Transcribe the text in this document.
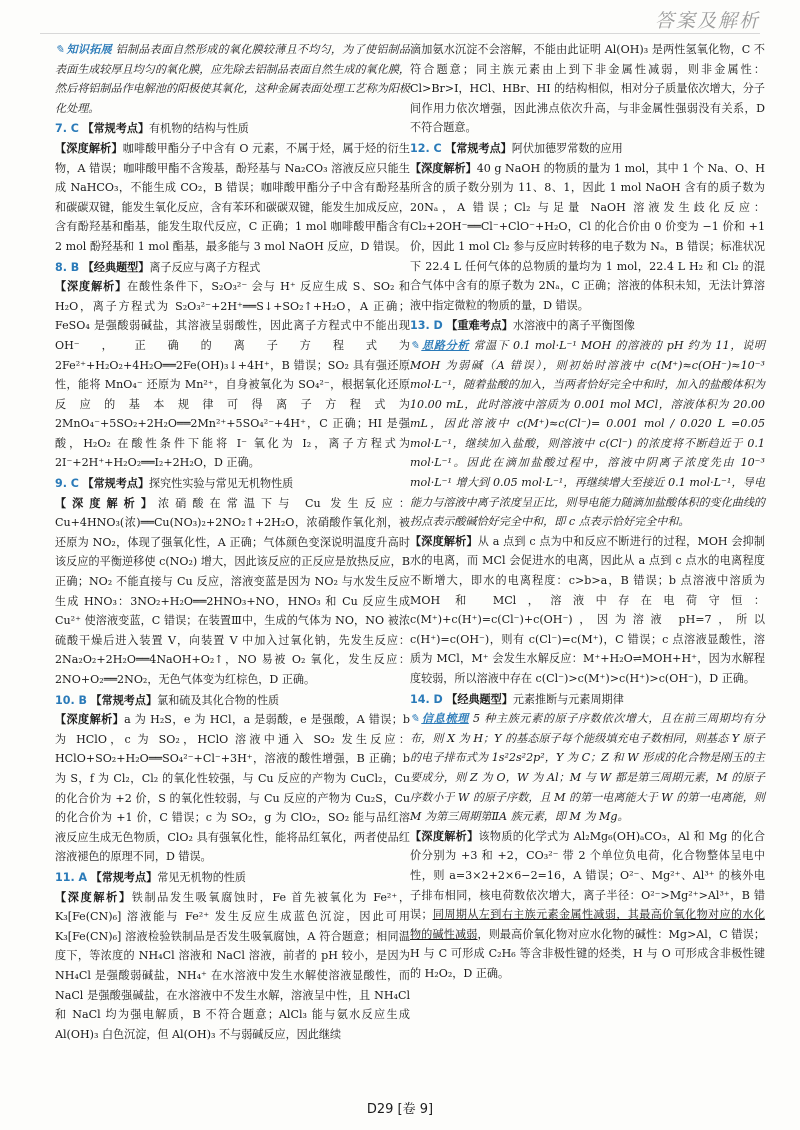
答案及解析
✎ 知识拓展 铝制品表面自然形成的氧化膜较薄且不均匀，为了使铝制品表面生成较厚且均匀的氧化膜，应先除去铝制品表面自然生成的氧化膜，然后将铝制品作电解池的阳极使其氧化，这种金属表面处理工艺称为阳极化处理。
7. C 【常规考点】有机物的结构与性质
【深度解析】咖啡酸甲酯分子中含有 O 元素，不属于烃，属于烃的衍生物，A 错误；咖啡酸甲酯不含羧基，酚羟基与 Na₂CO₃ 溶液反应只能生成 NaHCO₃，不能生成 CO₂，B 错误；咖啡酸甲酯分子中含有酚羟基和碳碳双键，能发生氧化反应，含有苯环和碳碳双键，能发生加成反应，含有酚羟基和酯基，能发生取代反应，C 正确；1 mol 咖啡酸甲酯含有 2 mol 酚羟基和 1 mol 酯基，最多能与 3 mol NaOH 反应，D 错误。
8. B 【经典题型】离子反应与离子方程式
【深度解析】在酸性条件下，S₂O₃²⁻ 会与 H⁺ 反应生成 S、SO₂ 和 H₂O，离子方程式为 S₂O₃²⁻+2H⁺══S↓+SO₂↑+H₂O，A 正确；FeSO₄ 是强酸弱碱盐，其溶液呈弱酸性，因此离子方程式中不能出现 OH⁻，正确的离子方程式为 2Fe²⁺+H₂O₂+4H₂O══2Fe(OH)₃↓+4H⁺，B 错误；SO₂ 具有强还原性，能将 MnO₄⁻ 还原为 Mn²⁺，自身被氧化为 SO₄²⁻，根据氧化还原反应的基本规律可得离子方程式为 2MnO₄⁻+5SO₂+2H₂O══2Mn²⁺+5SO₄²⁻+4H⁺，C 正确；HI 是强酸，H₂O₂ 在酸性条件下能将 I⁻ 氧化为 I₂，离子方程式为 2I⁻+2H⁺+H₂O₂══I₂+2H₂O，D 正确。
9. C 【常规考点】探究性实验与常见无机物性质
【深度解析】浓硝酸在常温下与 Cu 发生反应：Cu+4HNO₃(浓)══Cu(NO₃)₂+2NO₂↑+2H₂O，浓硝酸作氧化剂，被还原为 NO₂，体现了强氧化性，A 正确；气体颜色变深说明温度升高时该反应的平衡逆移使 c(NO₂) 增大，因此该反应的正反应是放热反应，B 正确；NO₂ 不能直接与 Cu 反应，溶液变蓝是因为 NO₂ 与水发生反应生成 HNO₃：3NO₂+H₂O══2HNO₃+NO，HNO₃ 和 Cu 反应生成 Cu²⁺ 使溶液变蓝，C 错误；在装置Ⅲ中，生成的气体为 NO，NO 被浓硫酸干燥后进入装置 V，向装置 V 中加入过氧化钠，先发生反应：2Na₂O₂+2H₂O══4NaOH+O₂↑，NO 易被 O₂ 氧化，发生反应：2NO+O₂══2NO₂，无色气体变为红棕色，D 正确。
10. B 【常规考点】氯和硫及其化合物的性质
【深度解析】a 为 H₂S，e 为 HCl，a 是弱酸，e 是强酸，A 错误；b 为 HClO，c 为 SO₂，HClO 溶液中通入 SO₂ 发生反应：HClO+SO₂+H₂O══SO₄²⁻+Cl⁻+3H⁺，溶液的酸性增强，B 正确；b 为 S，f 为 Cl₂，Cl₂ 的氧化性较强，与 Cu 反应的产物为 CuCl₂，Cu 的化合价为 +2 价，S 的氧化性较弱，与 Cu 反应的产物为 Cu₂S，Cu 的化合价为 +1 价，C 错误；c 为 SO₂，g 为 ClO₂，SO₂ 能与品红溶液反应生成无色物质，ClO₂ 具有强氧化性，能将品红氧化，两者使品红溶液褪色的原理不同，D 错误。
11. A 【常规考点】常见无机物的性质
【深度解析】铁制品发生吸氧腐蚀时，Fe 首先被氧化为 Fe²⁺，K₃[Fe(CN)₆] 溶液能与 Fe²⁺ 发生反应生成蓝色沉淀，因此可用 K₃[Fe(CN)₆] 溶液检验铁制品是否发生吸氧腐蚀，A 符合题意；相同温度下，等浓度的 NH₄Cl 溶液和 NaCl 溶液，前者的 pH 较小，是因为 NH₄Cl 是强酸弱碱盐，NH₄⁺ 在水溶液中发生水解使溶液显酸性，而 NaCl 是强酸强碱盐，在水溶液中不发生水解，溶液呈中性，且 NH₄Cl 和 NaCl 均为强电解质，B 不符合题意；AlCl₃ 能与氨水反应生成 Al(OH)₃ 白色沉淀，但 Al(OH)₃ 不与弱碱反应，因此继续
滴加氨水沉淀不会溶解，不能由此证明 Al(OH)₃ 是两性氢氧化物，C 不符合题意；同主族元素由上到下非金属性减弱，则非金属性：Cl>Br>I，HCl、HBr、HI 的结构相似，相对分子质量依次增大，分子间作用力依次增强，因此沸点依次升高，与非金属性强弱没有关系，D 不符合题意。
12. C 【常规考点】阿伏加德罗常数的应用
【深度解析】40 g NaOH 的物质的量为 1 mol，其中 1 个 Na、O、H 所含的质子数分别为 11、8、1，因此 1 mol NaOH 含有的质子数为 20Nₐ，A 错误；Cl₂ 与足量 NaOH 溶液发生歧化反应：Cl₂+2OH⁻══Cl⁻+ClO⁻+H₂O，Cl 的化合价由 0 价变为 −1 价和 +1 价，因此 1 mol Cl₂ 参与反应时转移的电子数为 Nₐ，B 错误；标准状况下 22.4 L 任何气体的总物质的量均为 1 mol，22.4 L H₂ 和 Cl₂ 的混合气体中含有的原子数为 2Nₐ，C 正确；溶液的体积未知，无法计算溶液中指定微粒的物质的量，D 错误。
13. D 【重难考点】水溶液中的离子平衡图像
✎ 思路分析 常温下 0.1 mol·L⁻¹ MOH 的溶液的 pH 约为 11，说明 MOH 为弱碱（A 错误），则初始时溶液中 c(M⁺)≈c(OH⁻)≈10⁻³ mol·L⁻¹，随着盐酸的加入，当两者恰好完全中和时，加入的盐酸体积为 10.00 mL，此时溶液中溶质为 0.001 mol MCl，溶液体积为 20.00 mL，因此溶液中 c(M⁺)≈c(Cl⁻)= 0.001 mol / 0.020 L =0.05 mol·L⁻¹，继续加入盐酸，则溶液中 c(Cl⁻) 的浓度将不断趋近于 0.1 mol·L⁻¹。因此在滴加盐酸过程中，溶液中阴离子浓度先由 10⁻³ mol·L⁻¹ 增大到 0.05 mol·L⁻¹，再继续增大至接近 0.1 mol·L⁻¹，导电能力与溶液中离子浓度呈正比，则导电能力随滴加盐酸体积的变化曲线的拐点表示酸碱恰好完全中和，即 c 点表示恰好完全中和。
【深度解析】从 a 点到 c 点为中和反应不断进行的过程，MOH 会抑制水的电离，而 MCl 会促进水的电离，因此从 a 点到 c 点水的电离程度不断增大，即水的电离程度：c>b>a，B 错误；b 点溶液中溶质为 MOH 和 MCl，溶液中存在电荷守恒：c(M⁺)+c(H⁺)=c(Cl⁻)+c(OH⁻)，因为溶液 pH=7，所以 c(H⁺)=c(OH⁻)，则有 c(Cl⁻)=c(M⁺)，C 错误；c 点溶液显酸性，溶质为 MCl，M⁺ 会发生水解反应：M⁺+H₂O⇌MOH+H⁺，因为水解程度较弱，所以溶液中存在 c(Cl⁻)>c(M⁺)>c(H⁺)>c(OH⁻)，D 正确。
14. D 【经典题型】元素推断与元素周期律
✎ 信息梳理 5 种主族元素的原子序数依次增大，且在前三周期均有分布，则 X 为 H；Y 的基态原子每个能级填充电子数相同，则基态 Y 原子的电子排布式为 1s²2s²2p²，Y 为 C；Z 和 W 形成的化合物是刚玉的主要成分，则 Z 为 O，W 为 Al；M 与 W 都是第三周期元素，M 的原子序数小于 W 的原子序数，且 M 的第一电离能大于 W 的第一电离能，则 M 为第三周期第ⅡA 族元素，即 M 为 Mg。
【深度解析】该物质的化学式为 Al₂Mg₆(OH)ₐCO₃，Al 和 Mg 的化合价分别为 +3 和 +2，CO₃²⁻ 带 2 个单位负电荷，化合物整体呈电中性，则 a=3×2+2×6−2=16，A 错误；O²⁻、Mg²⁺、Al³⁺ 的核外电子排布相同，核电荷数依次增大，离子半径：O²⁻>Mg²⁺>Al³⁺，B 错误；同周期从左到右主族元素金属性减弱，其最高价氧化物对应的水化物的碱性减弱，则最高价氧化物对应水化物的碱性：Mg>Al，C 错误；H 与 C 可形成 C₂H₆ 等含非极性键的烃类，H 与 O 可形成含非极性键的 H₂O₂，D 正确。
D29 [卷 9]
